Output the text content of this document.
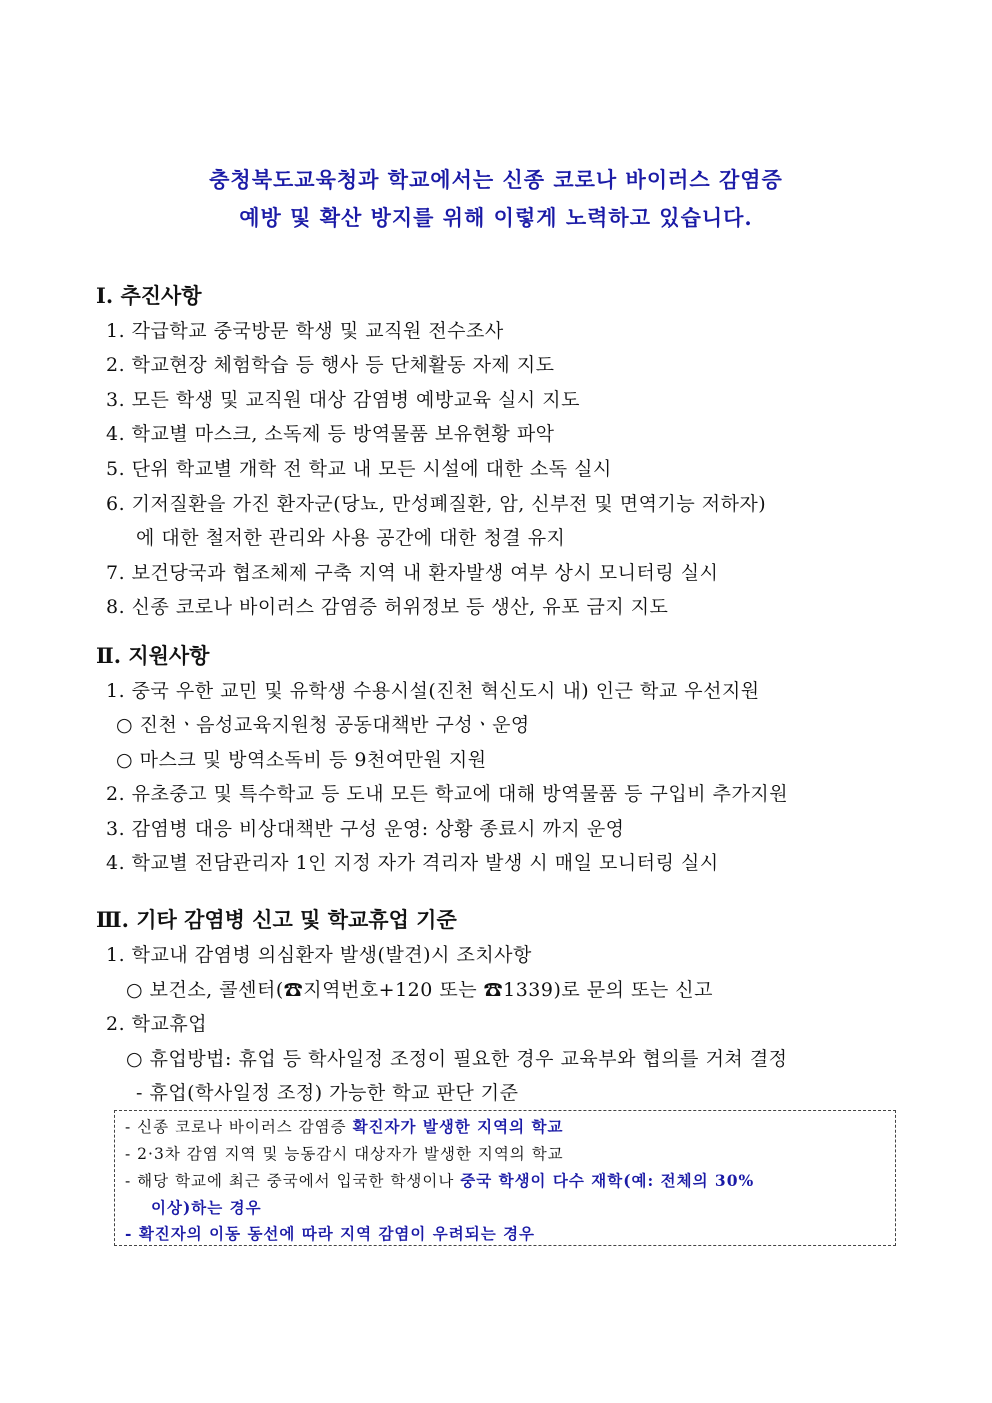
충청북도교육청과 학교에서는 신종 코로나 바이러스 감염증
예방 및 확산 방지를 위해 이렇게 노력하고 있습니다.
Ⅰ. 추진사항
1. 각급학교 중국방문 학생 및 교직원 전수조사
2. 학교현장 체험학습 등 행사 등 단체활동 자제 지도
3. 모든 학생 및 교직원 대상 감염병 예방교육 실시 지도
4. 학교별 마스크, 소독제 등 방역물품 보유현황 파악
5. 단위 학교별 개학 전 학교 내 모든 시설에 대한 소독 실시
6. 기저질환을 가진 환자군(당뇨, 만성폐질환, 암, 신부전 및 면역기능 저하자)
에 대한 철저한 관리와 사용 공간에 대한 청결 유지
7. 보건당국과 협조체제 구축 지역 내 환자발생 여부 상시 모니터링 실시
8. 신종 코로나 바이러스 감염증 허위정보 등 생산, 유포 금지 지도
Ⅱ. 지원사항
1. 중국 우한 교민 및 유학생 수용시설(진천 혁신도시 내) 인근 학교 우선지원
○ 진천ㆍ음성교육지원청 공동대책반 구성ㆍ운영
○ 마스크 및 방역소독비 등 9천여만원 지원
2. 유초중고 및 특수학교 등 도내 모든 학교에 대해 방역물품 등 구입비 추가지원
3. 감염병 대응 비상대책반 구성 운영: 상황 종료시 까지 운영
4. 학교별 전담관리자 1인 지정 자가 격리자 발생 시 매일 모니터링 실시
Ⅲ. 기타 감염병 신고 및 학교휴업 기준
1. 학교내 감염병 의심환자 발생(발견)시 조치사항
○ 보건소, 콜센터(☎지역번호+120 또는 ☎1339)로 문의 또는 신고
2. 학교휴업
○ 휴업방법: 휴업 등 학사일정 조정이 필요한 경우 교육부와 협의를 거쳐 결정
- 휴업(학사일정 조정) 가능한 학교 판단 기준
- 신종 코로나 바이러스 감염증 확진자가 발생한 지역의 학교
- 2·3차 감염 지역 및 능동감시 대상자가 발생한 지역의 학교
- 해당 학교에 최근 중국에서 입국한 학생이나 중국 학생이 다수 재학(예: 전체의 30%
이상)하는 경우
- 확진자의 이동 동선에 따라 지역 감염이 우려되는 경우
